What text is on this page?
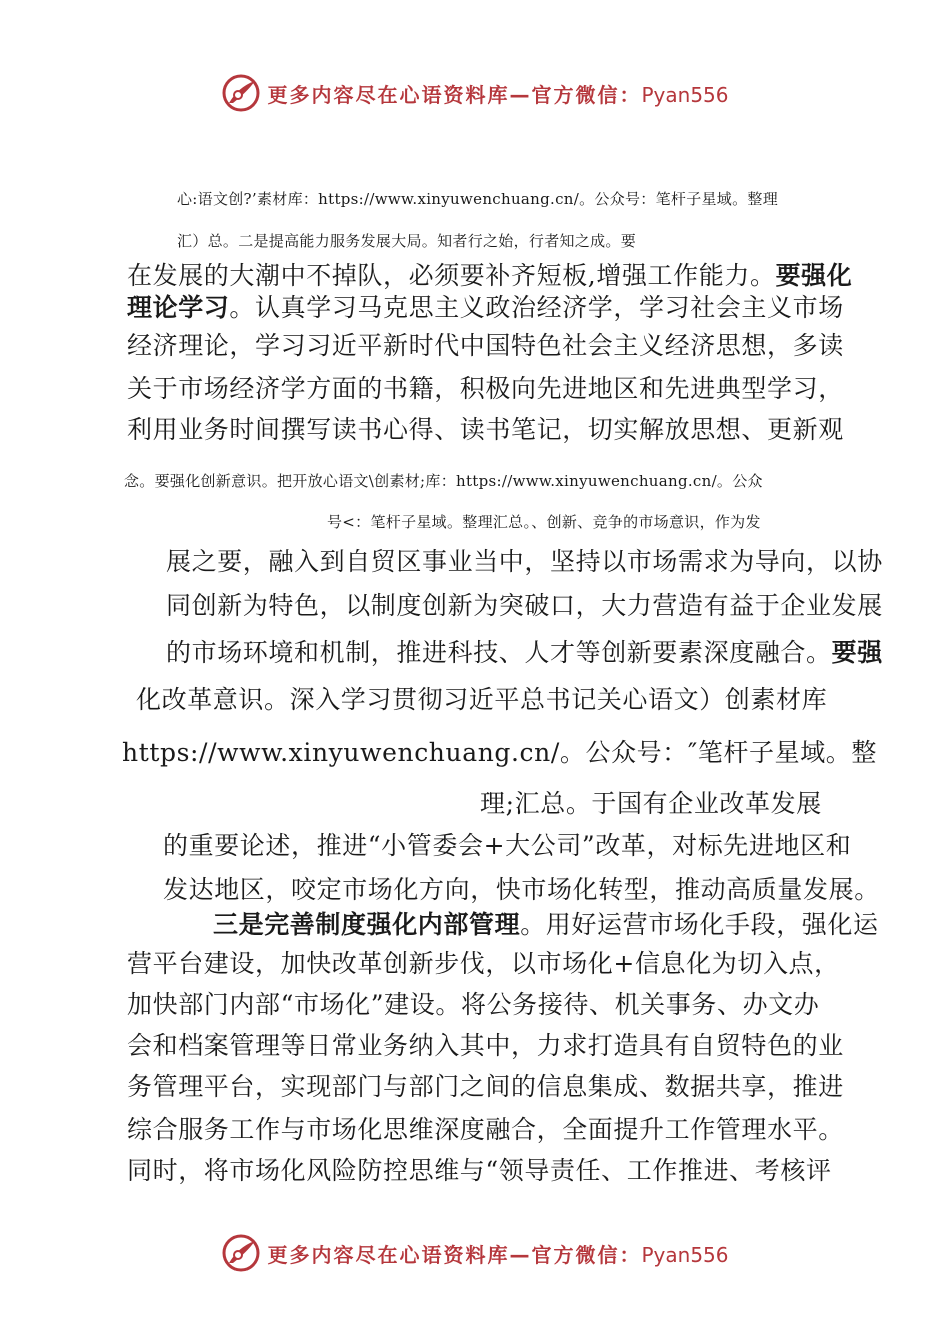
更多内容尽在心语资料库—官方微信：Pyan556

心:语文创?’素材库：https://www.xinyuwenchuang.cn/。公众号：笔杆子星域。整理

汇）总。二是提高能力服务发展大局。知者行之始，行者知之成。要

在发展的大潮中不掉队，必须要补齐短板,增强工作能力。要强化

理论学习。认真学习马克思主义政治经济学，学习社会主义市场

经济理论，学习习近平新时代中国特色社会主义经济思想，多读

关于市场经济学方面的书籍，积极向先进地区和先进典型学习，

利用业务时间撰写读书心得、读书笔记，切实解放思想、更新观

念。要强化创新意识。把开放心语文\创素材;库：https://www.xinyuwenchuang.cn/。公众

号<：笔杆子星域。整理汇总。、创新、竞争的市场意识，作为发

展之要，融入到自贸区事业当中，坚持以市场需求为导向，以协

同创新为特色，以制度创新为突破口，大力营造有益于企业发展

的市场环境和机制，推进科技、人才等创新要素深度融合。要强

化改革意识。深入学习贯彻习近平总书记关心语文）创素材库

https://www.xinyuwenchuang.cn/。公众号：″笔杆子星域。整

理;汇总。于国有企业改革发展

的重要论述，推进“小管委会+大公司”改革，对标先进地区和

发达地区，咬定市场化方向，快市场化转型，推动高质量发展。

三是完善制度强化内部管理。用好运营市场化手段，强化运

营平台建设，加快改革创新步伐，以市场化+信息化为切入点，

加快部门内部“市场化”建设。将公务接待、机关事务、办文办

会和档案管理等日常业务纳入其中，力求打造具有自贸特色的业

务管理平台，实现部门与部门之间的信息集成、数据共享，推进

综合服务工作与市场化思维深度融合，全面提升工作管理水平。

同时，将市场化风险防控思维与“领导责任、工作推进、考核评

更多内容尽在心语资料库—官方微信：Pyan556
